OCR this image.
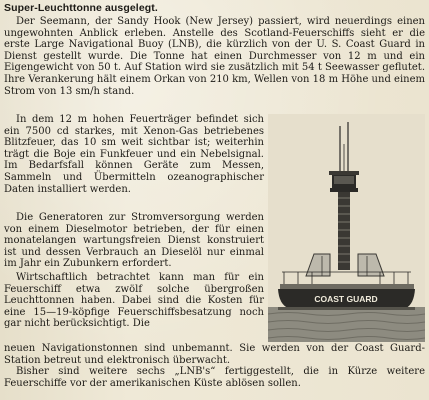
Super-Leuchttonne ausgelegt.

Der Seemann, der Sandy Hook (New Jersey) passiert, wird neuerdings einen ungewohnten Anblick erleben. Anstelle des Scotland-Feuerschiffs sieht er die erste Large Navigational Buoy (LNB), die kürzlich von der U. S. Coast Guard in Dienst gestellt wurde. Die Tonne hat einen Durchmesser von 12 m und ein Eigengewicht von 50 t. Auf Station wird sie zusätzlich mit 54 t Seewasser geflutet. Ihre Verankerung hält einem Orkan von 210 km, Wellen von 18 m Höhe und einem Strom von 13 sm/h stand.

In dem 12 m hohen Feuerträger befindet sich ein 7500 cd starkes, mit Xenon-Gas betriebenes Blitzfeuer, das 10 sm weit sichtbar ist; weiterhin trägt die Boje ein Funkfeuer und ein Nebelsignal. Im Bedarfsfall können Geräte zum Messen, Sammeln und Übermitteln ozeanographischer Daten installiert werden.

Die Generatoren zur Stromversorgung werden von einem Dieselmotor betrieben, der für einen monatelangen wartungsfreien Dienst konstruiert ist und dessen Verbrauch an Dieselöl nur einmal im Jahr ein Zubunkern erfordert.

Wirtschaftlich betrachtet kann man für ein Feuerschiff etwa zwölf solche übergroßen Leuchttonnen haben. Dabei sind die Kosten für eine 15—19-köpfige Feuerschiffsbesatzung noch gar nicht berücksichtigt. Die

neuen Navigationstonnen sind unbemannt. Sie werden von der Coast Guard-Station betreut und elektronisch überwacht.

Bisher sind weitere sechs „LNB's“ fertiggestellt, die in Kürze weitere Feuerschiffe vor der amerikanischen Küste ablösen sollen.

COAST GUARD
